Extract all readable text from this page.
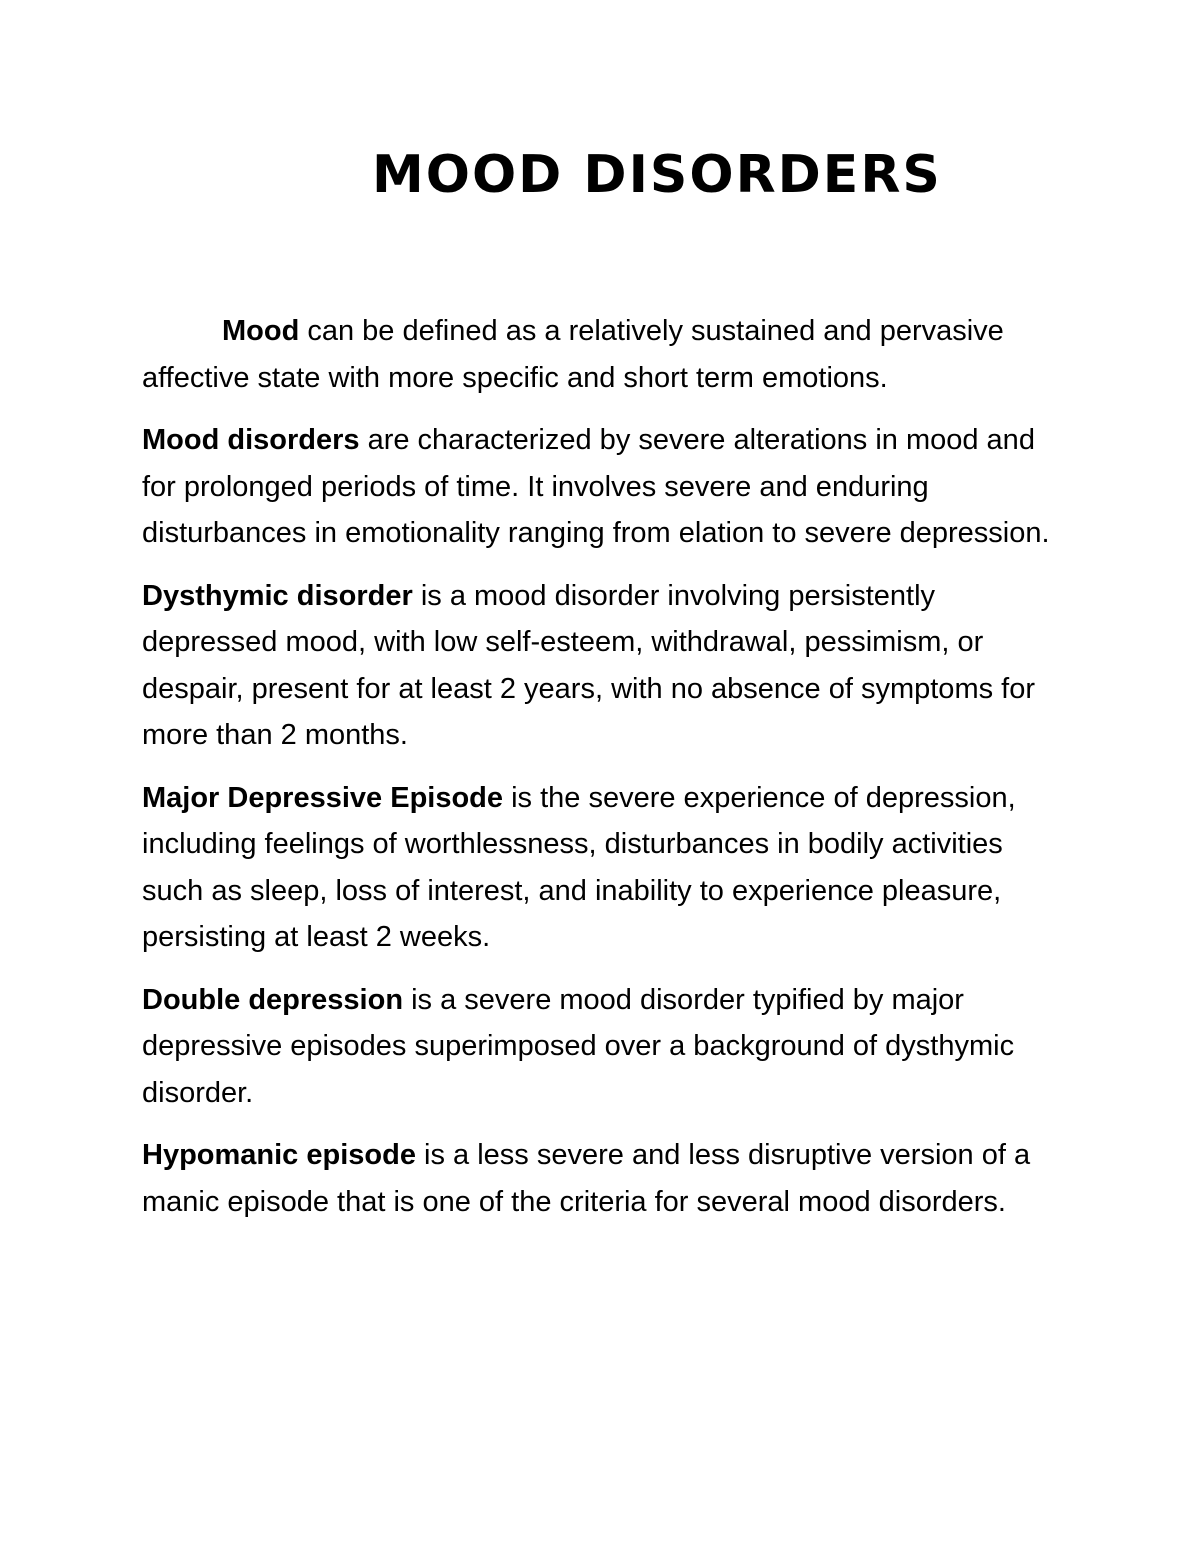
MOOD DISORDERS

Mood can be defined as a relatively sustained and pervasive affective state with more specific and short term emotions.

Mood disorders are characterized by severe alterations in mood and for prolonged periods of time. It involves severe and enduring disturbances in emotionality ranging from elation to severe depression.

Dysthymic disorder is a mood disorder involving persistently depressed mood, with low self-esteem, withdrawal, pessimism, or despair, present for at least 2 years, with no absence of symptoms for more than 2 months.

Major Depressive Episode is the severe experience of depression, including feelings of worthlessness, disturbances in bodily activities such as sleep, loss of interest, and inability to experience pleasure, persisting at least 2 weeks.

Double depression is a severe mood disorder typified by major depressive episodes superimposed over a background of dysthymic disorder.

Hypomanic episode is a less severe and less disruptive version of a manic episode that is one of the criteria for several mood disorders.
